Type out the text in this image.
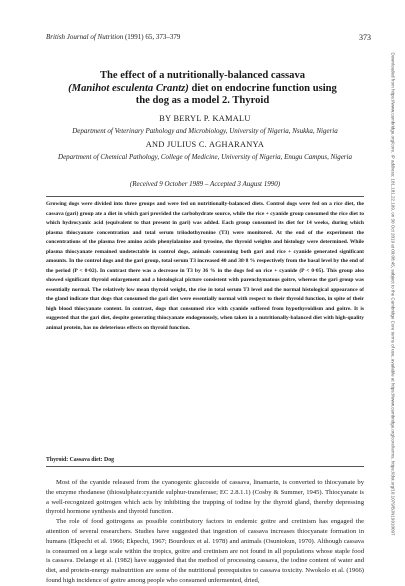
British Journal of Nutrition (1991) 65, 373–379	373
The effect of a nutritionally-balanced cassava
(Manihot esculenta Crantz) diet on endocrine function using
the dog as a model 2. Thyroid
BY BERYL P. KAMALU
Department of Veterinary Pathology and Microbiology, University of Nigeria, Nsukka, Nigeria
AND JULIUS C. AGHARANYA
Department of Chemical Pathology, College of Medicine, University of Nigeria, Enugu Campus, Nigeria
(Received 9 October 1989 – Accepted 3 August 1990)

Growing dogs were divided into three groups and were fed on nutritionally-balanced diets. Control dogs were fed on a rice diet, the cassava (gari) group ate a diet in which gari provided the carbohydrate source, while the rice + cyanide group consumed the rice diet to which hydrocyanic acid (equivalent to that present in gari) was added. Each group consumed its diet for 14 weeks, during which plasma thiocyanate concentration and total serum triiodothyronine (T3) were monitored. At the end of the experiment the concentrations of the plasma free amino acids phenylalanine and tyrosine, the thyroid weights and histology were determined. While plasma thiocyanate remained undetectable in control dogs, animals consuming both gari and rice + cyanide generated significant amounts. In the control dogs and the gari group, total serum T3 increased 40 and 38·8 % respectively from the basal level by the end of the period (P < 0·02). In contrast there was a decrease in T3 by 36 % in the dogs fed on rice + cyanide (P < 0·05). This group also showed significant thyroid enlargement and a histological picture consistent with parenchymatous goitre, whereas the gari group was essentially normal. The relatively low mean thyroid weight, the rise in total serum T3 level and the normal histological appearance of the gland indicate that dogs that consumed the gari diet were essentially normal with respect to their thyroid function, in spite of their high blood thiocyanate content. In contrast, dogs that consumed rice with cyanide suffered from hypothyroidism and goitre. It is suggested that the gari diet, despite generating thiocyanate endogenously, when taken in a nutritionally-balanced diet with high-quality animal protein, has no deleterious effects on thyroid function.

Thyroid: Cassava diet: Dog

Most of the cyanide released from the cyanogenic glucoside of cassava, linamarin, is converted to thiocyanate by the enzyme rhodanese (thiosulphate:cyanide sulphur-transferase; EC 2.8.1.1) (Cosby & Summer, 1945). Thiocyanate is a well-recognized goitrogen which acts by inhibiting the trapping of iodine by the thyroid gland, thereby depressing thyroid hormone synthesis and thyroid function.

The role of food goitrogens as possible contributory factors in endemic goitre and cretinism has engaged the attention of several researchers. Studies have suggested that ingestion of cassava increases thiocyanate formation in humans (Ekpechi et al. 1966; Ekpechi, 1967; Bourdoux et al. 1978) and animals (Osuntokun, 1970). Although cassava is consumed on a large scale within the tropics, goitre and cretinism are not found in all populations whose staple food is cassava. Delange et al. (1982) have suggested that the method of processing cassava, the iodine content of water and diet, and protein-energy malnutrition are some of the nutritional prerequisites to cassava toxicity. Nwokolo et al. (1966) found high incidence of goitre among people who consumed unfermented, dried,

Downloaded from https://www.cambridge.org/core. IP address: 181.181.22.109, on 30 Oct 2019 at 09:08:45, subject to the Cambridge Core terms of use, available at https://www.cambridge.org/core/terms. https://doi.org/10.1079/BJN19910097
